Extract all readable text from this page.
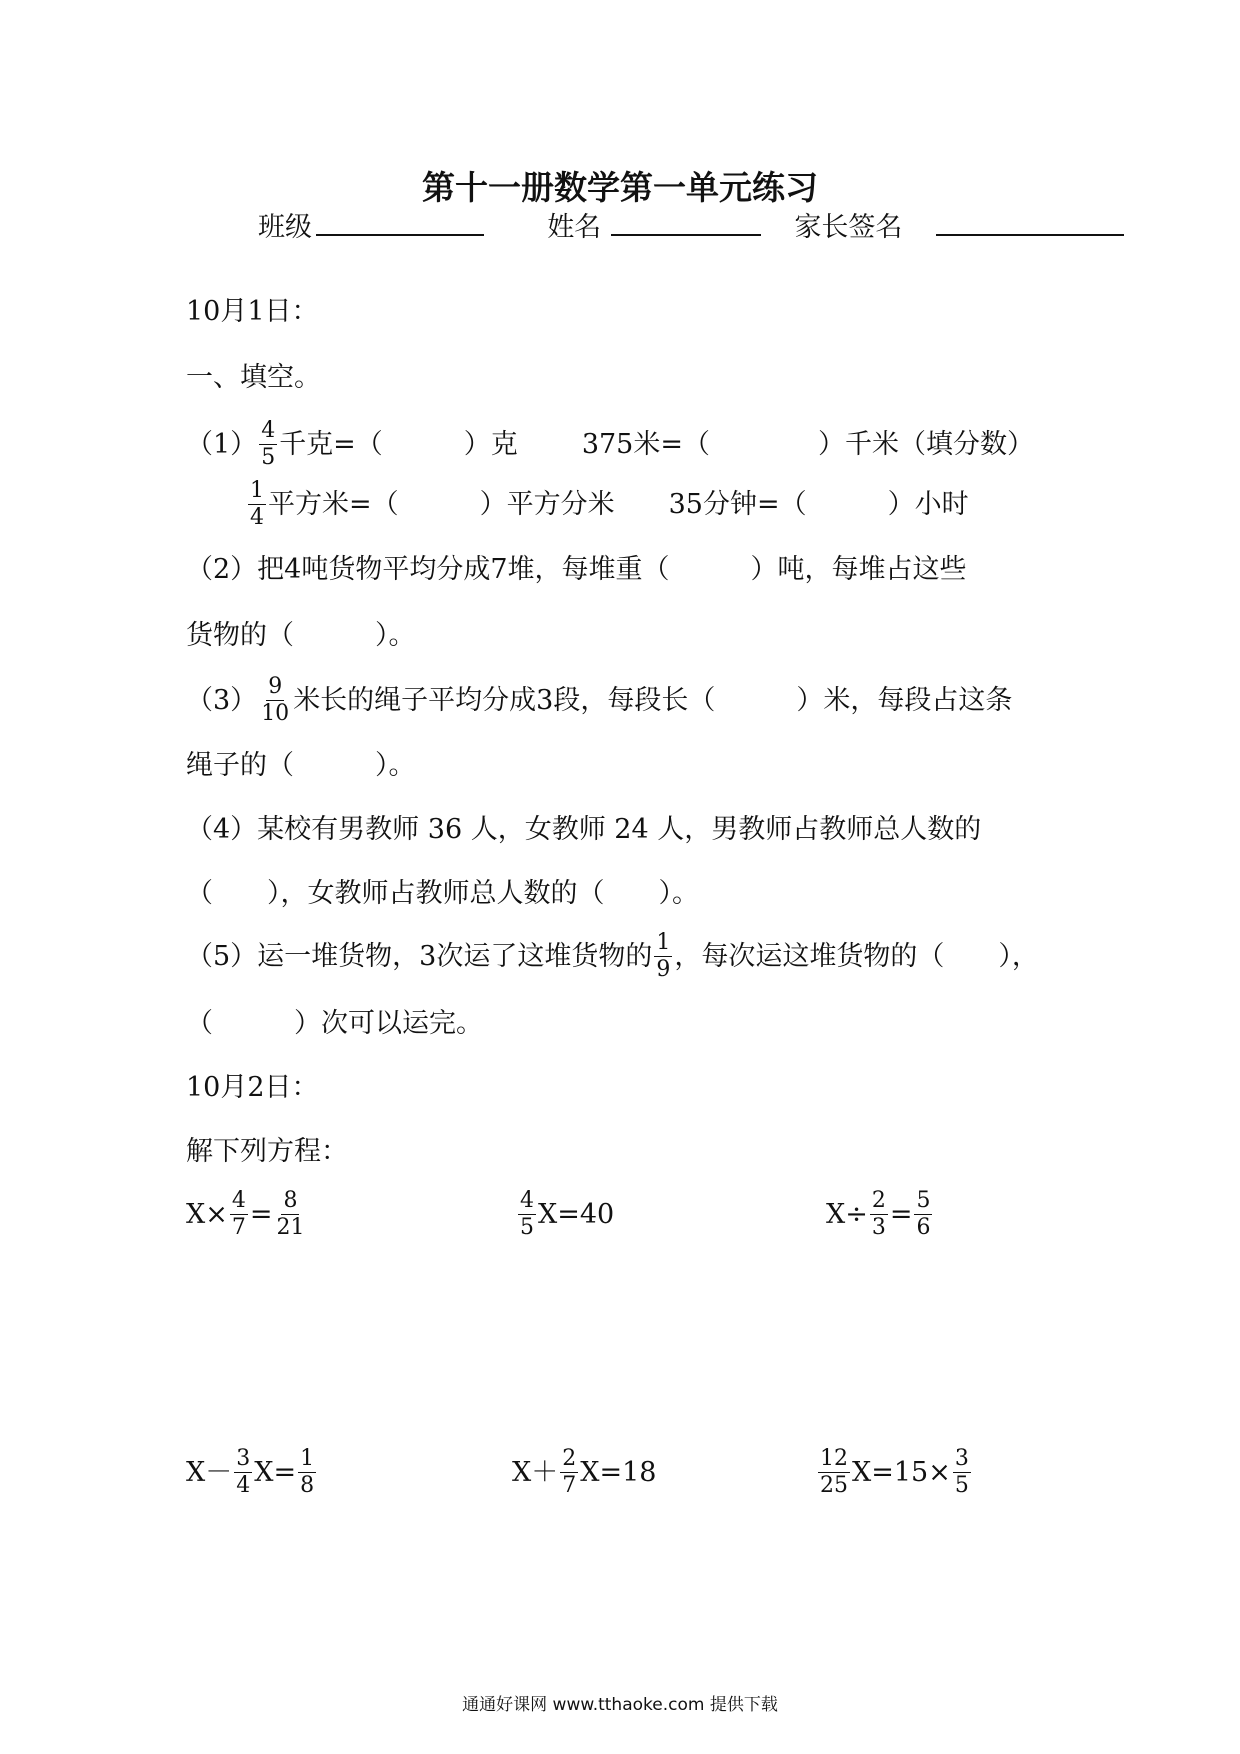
第十一册数学第一单元练习
班级	姓名	家长签名
10月1日：
一、填空。
$(1) \frac{4}{5}$ 千克=（　　　）克 375米=（　　　　）千米（填分数）
$\frac{1}{4}$ 平方米=（　　　）平方分米 35分钟=（　　　）小时
（2）把4吨货物平均分成7堆，每堆重（　　　）吨，每堆占这些
货物的（　　　）。
$(3) \frac{9}{10}$ 米长的绳子平均分成3段，每段长（　　　）米，每段占这条
绳子的（　　　）。
（4）某校有男教师 36 人，女教师 24 人，男教师占教师总人数的
（　　），女教师占教师总人数的（　　）。
（5）运一堆货物，3次运了这堆货物的 $\frac{1}{9}$ ，每次运这堆货物的（　　），
（　　　）次可以运完。
10月2日：
解下列方程：
$X\times \frac{4}{7} = \frac{8}{21}$	$\frac{4}{5} X=40$	$X\div \frac{2}{3} = \frac{5}{6}$
$X- \frac{3}{4} X= \frac{1}{8}$	$X+ \frac{2}{7} X=18$	$\frac{12}{25} X=15\times \frac{3}{5}$
通通好课网 www.tthaoke.com 提供下载
